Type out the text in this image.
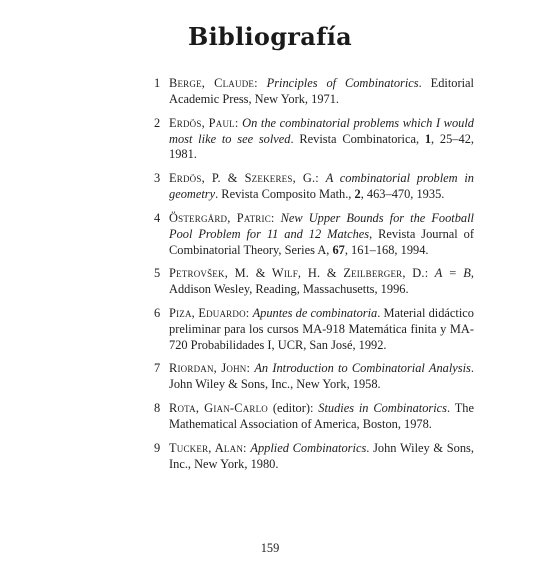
Bibliografía
1 Berge, Claude: Principles of Combinatorics. Editorial Academic Press, New York, 1971.
2 Erdös, Paul: On the combinatorial problems which I would most like to see solved. Revista Combinatorica, 1, 25–42, 1981.
3 Erdös, P. & Szekeres, G.: A combinatorial problem in geometry. Revista Composito Math., 2, 463–470, 1935.
4 Östergård, Patric: New Upper Bounds for the Football Pool Problem for 11 and 12 Matches, Revista Journal of Combinatorial Theory, Series A, 67, 161–168, 1994.
5 Petrovšek, M. & Wilf, H. & Zeilberger, D.: A = B, Addison Wesley, Reading, Massachusetts, 1996.
6 Piza, Eduardo: Apuntes de combinatoria. Material didáctico preliminar para los cursos MA-918 Matemática finita y MA-720 Probabilidades I, UCR, San José, 1992.
7 Riordan, John: An Introduction to Combinatorial Analysis. John Wiley & Sons, Inc., New York, 1958.
8 Rota, Gian-Carlo (editor): Studies in Combinatorics. The Mathematical Association of America, Boston, 1978.
9 Tucker, Alan: Applied Combinatorics. John Wiley & Sons, Inc., New York, 1980.
159
